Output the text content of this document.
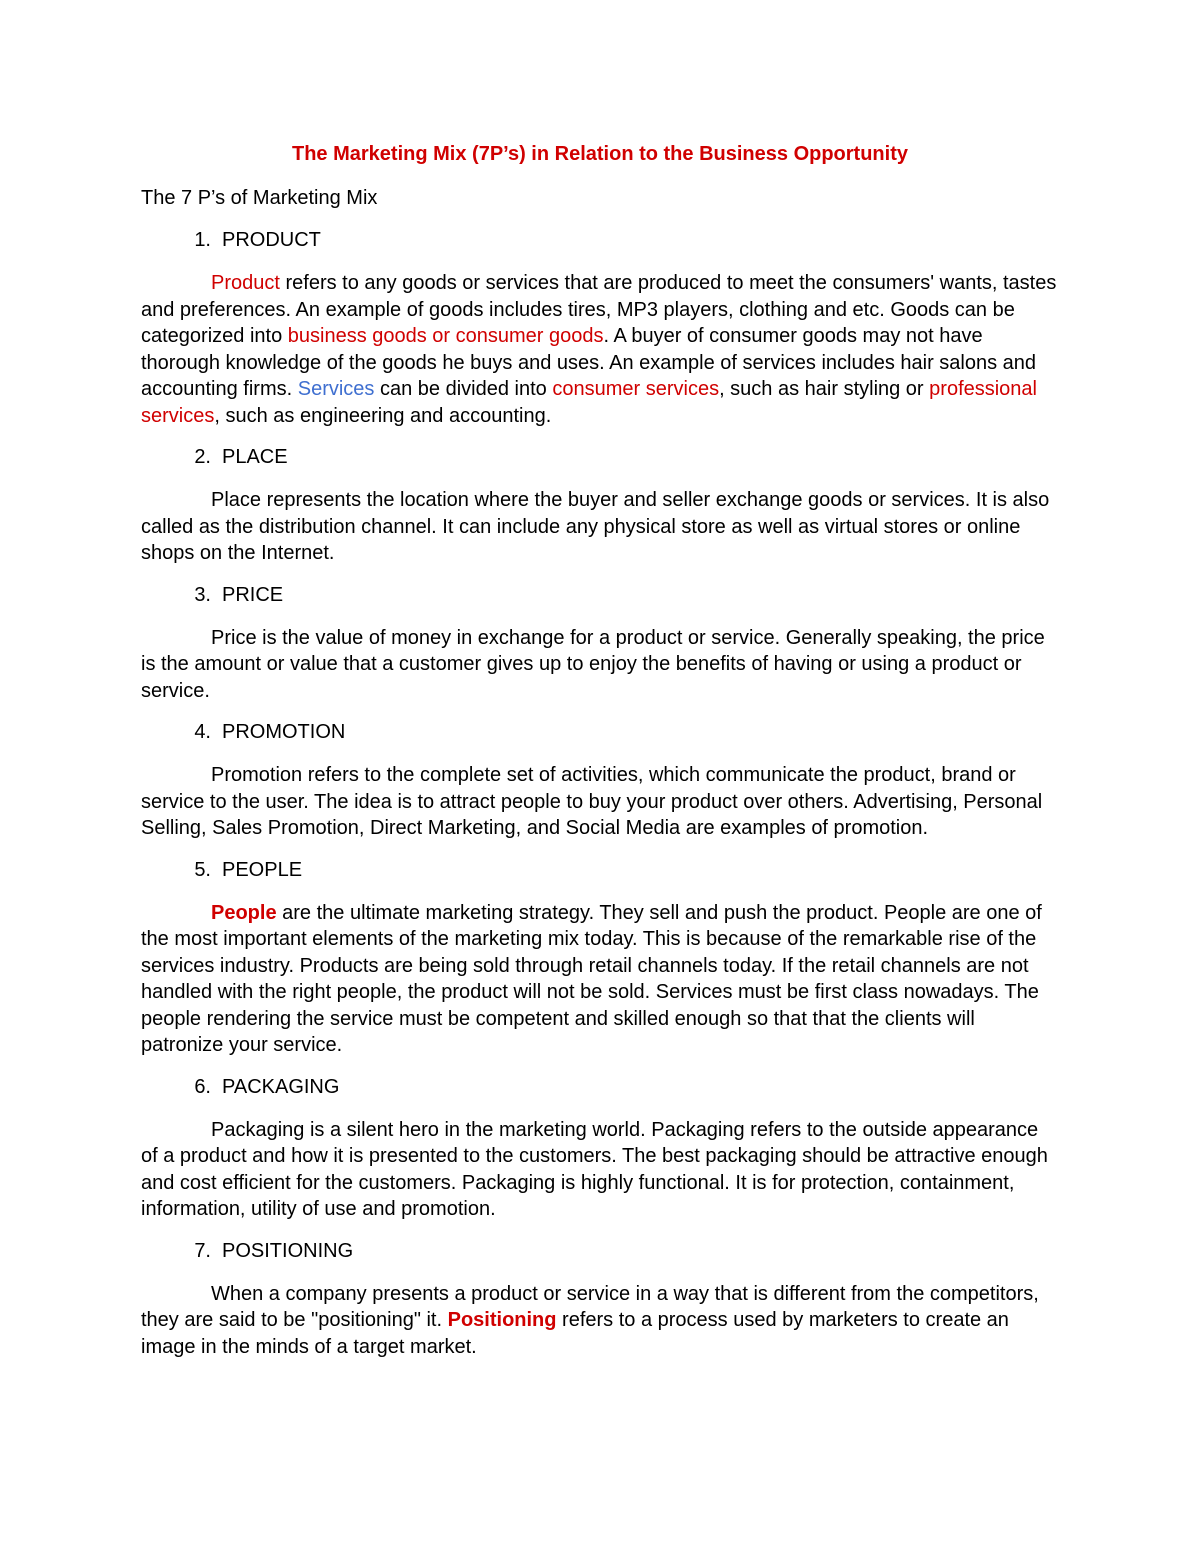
The Marketing Mix (7P’s) in Relation to the Business Opportunity
The 7 P’s of Marketing Mix
1. PRODUCT

Product refers to any goods or services that are produced to meet the consumers' wants, tastes and preferences. An example of goods includes tires, MP3 players, clothing and etc. Goods can be categorized into business goods or consumer goods. A buyer of consumer goods may not have thorough knowledge of the goods he buys and uses. An example of services includes hair salons and accounting firms. Services can be divided into consumer services, such as hair styling or professional services, such as engineering and accounting.

2. PLACE

Place represents the location where the buyer and seller exchange goods or services. It is also called as the distribution channel. It can include any physical store as well as virtual stores or online shops on the Internet.

3. PRICE

Price is the value of money in exchange for a product or service. Generally speaking, the price is the amount or value that a customer gives up to enjoy the benefits of having or using a product or service.

4. PROMOTION

Promotion refers to the complete set of activities, which communicate the product, brand or service to the user. The idea is to attract people to buy your product over others. Advertising, Personal Selling, Sales Promotion, Direct Marketing, and Social Media are examples of promotion.

5. PEOPLE

People are the ultimate marketing strategy. They sell and push the product. People are one of the most important elements of the marketing mix today. This is because of the remarkable rise of the services industry. Products are being sold through retail channels today. If the retail channels are not handled with the right people, the product will not be sold. Services must be first class nowadays. The people rendering the service must be competent and skilled enough so that that the clients will patronize your service.

6. PACKAGING

Packaging is a silent hero in the marketing world. Packaging refers to the outside appearance of a product and how it is presented to the customers. The best packaging should be attractive enough and cost efficient for the customers. Packaging is highly functional. It is for protection, containment, information, utility of use and promotion.

7. POSITIONING

When a company presents a product or service in a way that is different from the competitors, they are said to be "positioning" it. Positioning refers to a process used by marketers to create an image in the minds of a target market.
